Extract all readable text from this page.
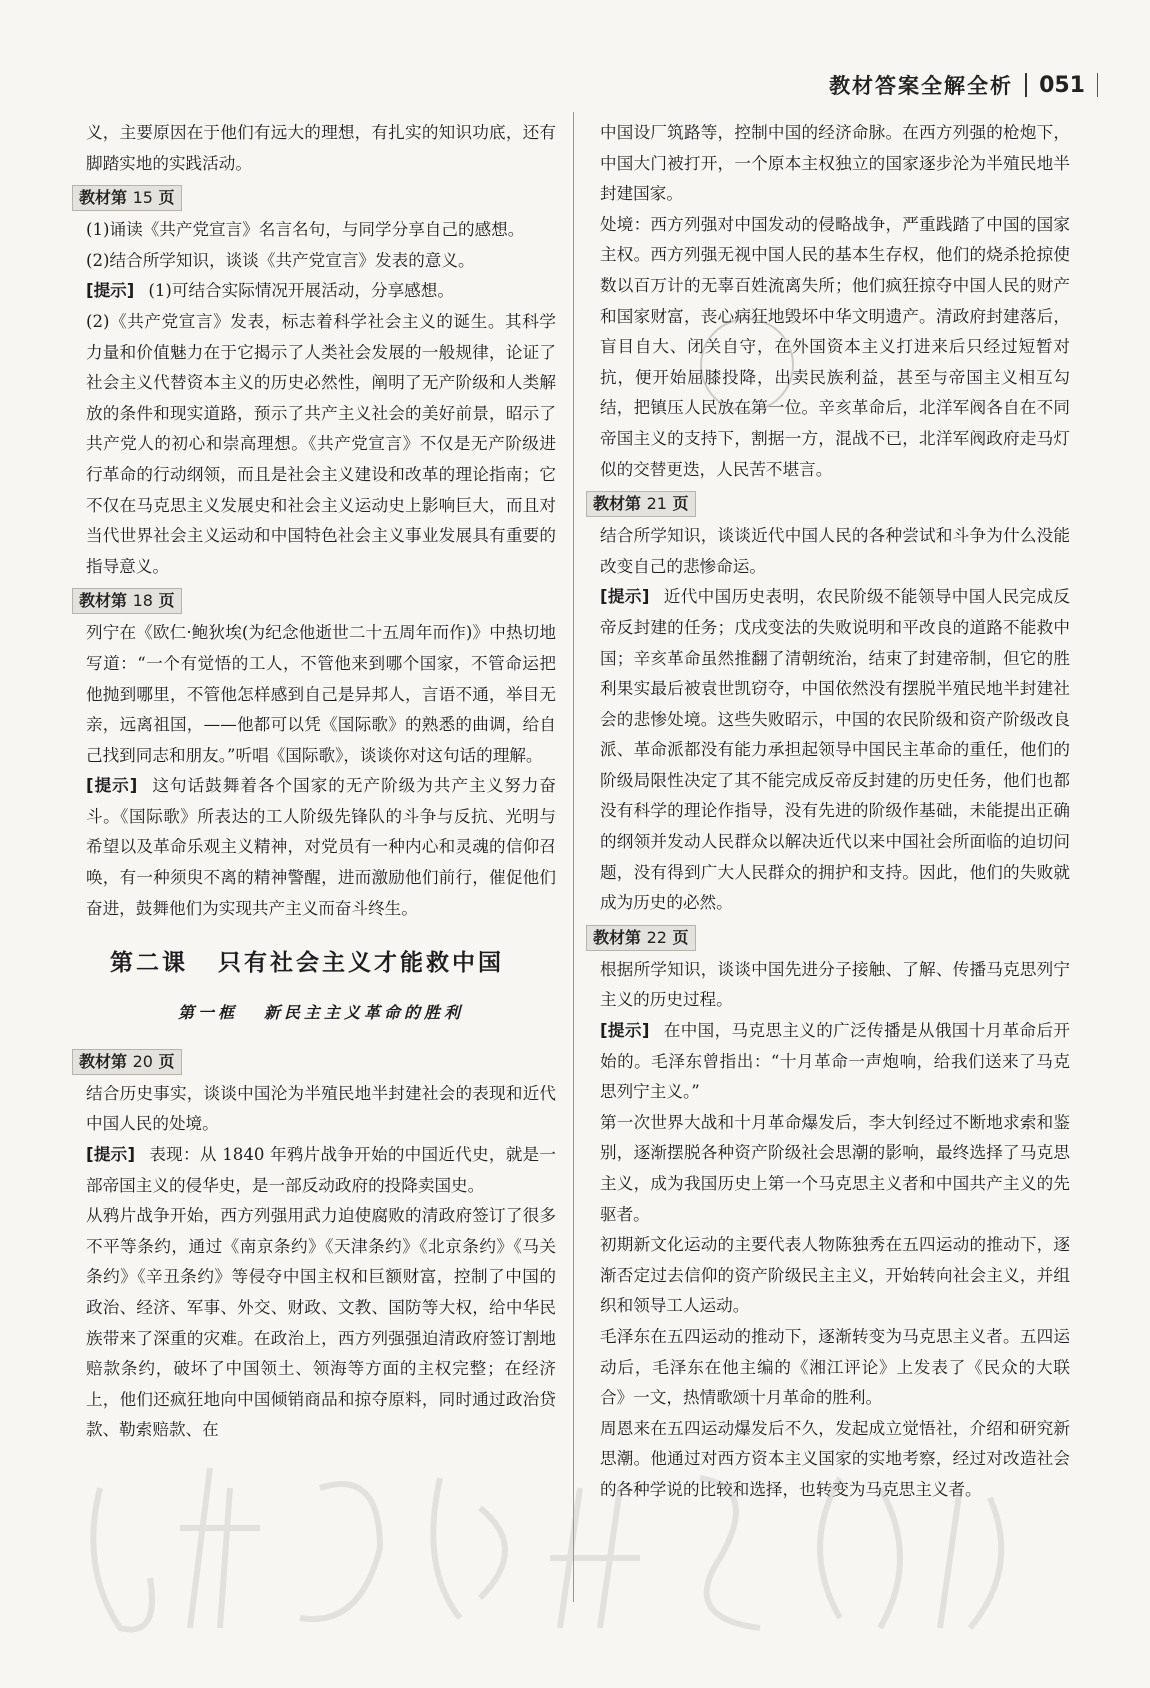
教材答案全解全析 051

义，主要原因在于他们有远大的理想，有扎实的知识功底，还有脚踏实地的实践活动。

教材第 15 页

(1)诵读《共产党宣言》名言名句，与同学分享自己的感想。

(2)结合所学知识，谈谈《共产党宣言》发表的意义。

[提示] (1)可结合实际情况开展活动，分享感想。

(2)《共产党宣言》发表，标志着科学社会主义的诞生。其科学力量和价值魅力在于它揭示了人类社会发展的一般规律，论证了社会主义代替资本主义的历史必然性，阐明了无产阶级和人类解放的条件和现实道路，预示了共产主义社会的美好前景，昭示了共产党人的初心和崇高理想。《共产党宣言》不仅是无产阶级进行革命的行动纲领，而且是社会主义建设和改革的理论指南；它不仅在马克思主义发展史和社会主义运动史上影响巨大，而且对当代世界社会主义运动和中国特色社会主义事业发展具有重要的指导意义。

教材第 18 页

列宁在《欧仁·鲍狄埃(为纪念他逝世二十五周年而作)》中热切地写道：“一个有觉悟的工人，不管他来到哪个国家，不管命运把他抛到哪里，不管他怎样感到自己是异邦人，言语不通，举目无亲，远离祖国，——他都可以凭《国际歌》的熟悉的曲调，给自己找到同志和朋友。”听唱《国际歌》，谈谈你对这句话的理解。

[提示] 这句话鼓舞着各个国家的无产阶级为共产主义努力奋斗。《国际歌》所表达的工人阶级先锋队的斗争与反抗、光明与希望以及革命乐观主义精神，对党员有一种内心和灵魂的信仰召唤，有一种须臾不离的精神警醒，进而激励他们前行，催促他们奋进，鼓舞他们为实现共产主义而奋斗终生。

第二课 只有社会主义才能救中国
第一框 新民主主义革命的胜利
教材第 20 页

结合历史事实，谈谈中国沦为半殖民地半封建社会的表现和近代中国人民的处境。

[提示] 表现：从 1840 年鸦片战争开始的中国近代史，就是一部帝国主义的侵华史，是一部反动政府的投降卖国史。

从鸦片战争开始，西方列强用武力迫使腐败的清政府签订了很多不平等条约，通过《南京条约》《天津条约》《北京条约》《马关条约》《辛丑条约》等侵夺中国主权和巨额财富，控制了中国的政治、经济、军事、外交、财政、文教、国防等大权，给中华民族带来了深重的灾难。在政治上，西方列强强迫清政府签订割地赔款条约，破坏了中国领土、领海等方面的主权完整；在经济上，他们还疯狂地向中国倾销商品和掠夺原料，同时通过政治贷款、勒索赔款、在

中国设厂筑路等，控制中国的经济命脉。在西方列强的枪炮下，中国大门被打开，一个原本主权独立的国家逐步沦为半殖民地半封建国家。

处境：西方列强对中国发动的侵略战争，严重践踏了中国的国家主权。西方列强无视中国人民的基本生存权，他们的烧杀抢掠使数以百万计的无辜百姓流离失所；他们疯狂掠夺中国人民的财产和国家财富，丧心病狂地毁坏中华文明遗产。清政府封建落后，盲目自大、闭关自守，在外国资本主义打进来后只经过短暂对抗，便开始屈膝投降，出卖民族利益，甚至与帝国主义相互勾结，把镇压人民放在第一位。辛亥革命后，北洋军阀各自在不同帝国主义的支持下，割据一方，混战不已，北洋军阀政府走马灯似的交替更迭，人民苦不堪言。

教材第 21 页

结合所学知识，谈谈近代中国人民的各种尝试和斗争为什么没能改变自己的悲惨命运。

[提示] 近代中国历史表明，农民阶级不能领导中国人民完成反帝反封建的任务；戊戌变法的失败说明和平改良的道路不能救中国；辛亥革命虽然推翻了清朝统治，结束了封建帝制，但它的胜利果实最后被袁世凯窃夺，中国依然没有摆脱半殖民地半封建社会的悲惨处境。这些失败昭示，中国的农民阶级和资产阶级改良派、革命派都没有能力承担起领导中国民主革命的重任，他们的阶级局限性决定了其不能完成反帝反封建的历史任务，他们也都没有科学的理论作指导，没有先进的阶级作基础，未能提出正确的纲领并发动人民群众以解决近代以来中国社会所面临的迫切问题，没有得到广大人民群众的拥护和支持。因此，他们的失败就成为历史的必然。

教材第 22 页

根据所学知识，谈谈中国先进分子接触、了解、传播马克思列宁主义的历史过程。

[提示] 在中国，马克思主义的广泛传播是从俄国十月革命后开始的。毛泽东曾指出：“十月革命一声炮响，给我们送来了马克思列宁主义。”

第一次世界大战和十月革命爆发后，李大钊经过不断地求索和鉴别，逐渐摆脱各种资产阶级社会思潮的影响，最终选择了马克思主义，成为我国历史上第一个马克思主义者和中国共产主义的先驱者。

初期新文化运动的主要代表人物陈独秀在五四运动的推动下，逐渐否定过去信仰的资产阶级民主主义，开始转向社会主义，并组织和领导工人运动。

毛泽东在五四运动的推动下，逐渐转变为马克思主义者。五四运动后，毛泽东在他主编的《湘江评论》上发表了《民众的大联合》一文，热情歌颂十月革命的胜利。

周恩来在五四运动爆发后不久，发起成立觉悟社，介绍和研究新思潮。他通过对西方资本主义国家的实地考察，经过对改造社会的各种学说的比较和选择，也转变为马克思主义者。
